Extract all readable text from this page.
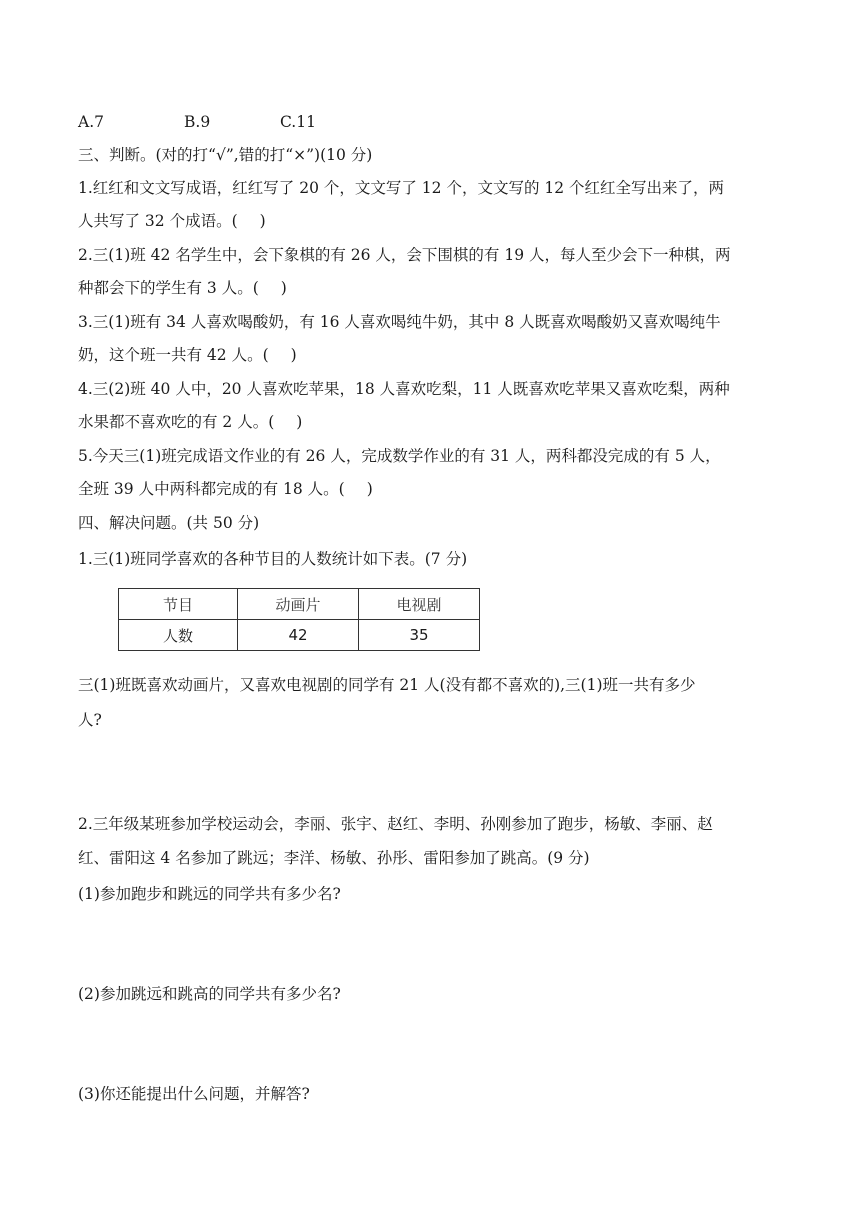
A.7	B.9	C.11
三、判断。(对的打“√”,错的打“×”)(10 分)
1.红红和文文写成语，红红写了 20 个，文文写了 12 个，文文写的 12 个红红全写出来了，两
人共写了 32 个成语。( )
2.三(1)班 42 名学生中，会下象棋的有 26 人，会下围棋的有 19 人，每人至少会下一种棋，两
种都会下的学生有 3 人。( )
3.三(1)班有 34 人喜欢喝酸奶，有 16 人喜欢喝纯牛奶，其中 8 人既喜欢喝酸奶又喜欢喝纯牛
奶，这个班一共有 42 人。( )
4.三(2)班 40 人中，20 人喜欢吃苹果，18 人喜欢吃梨，11 人既喜欢吃苹果又喜欢吃梨，两种
水果都不喜欢吃的有 2 人。( )
5.今天三(1)班完成语文作业的有 26 人，完成数学作业的有 31 人，两科都没完成的有 5 人，
全班 39 人中两科都完成的有 18 人。( )
四、解决问题。(共 50 分)
1.三(1)班同学喜欢的各种节目的人数统计如下表。(7 分)
节目	动画片	电视剧
人数	42	35
三(1)班既喜欢动画片，又喜欢电视剧的同学有 21 人(没有都不喜欢的),三(1)班一共有多少
人?
2.三年级某班参加学校运动会，李丽、张宇、赵红、李明、孙刚参加了跑步，杨敏、李丽、赵
红、雷阳这 4 名参加了跳远；李洋、杨敏、孙彤、雷阳参加了跳高。(9 分)
(1)参加跑步和跳远的同学共有多少名?
(2)参加跳远和跳高的同学共有多少名?
(3)你还能提出什么问题，并解答?
